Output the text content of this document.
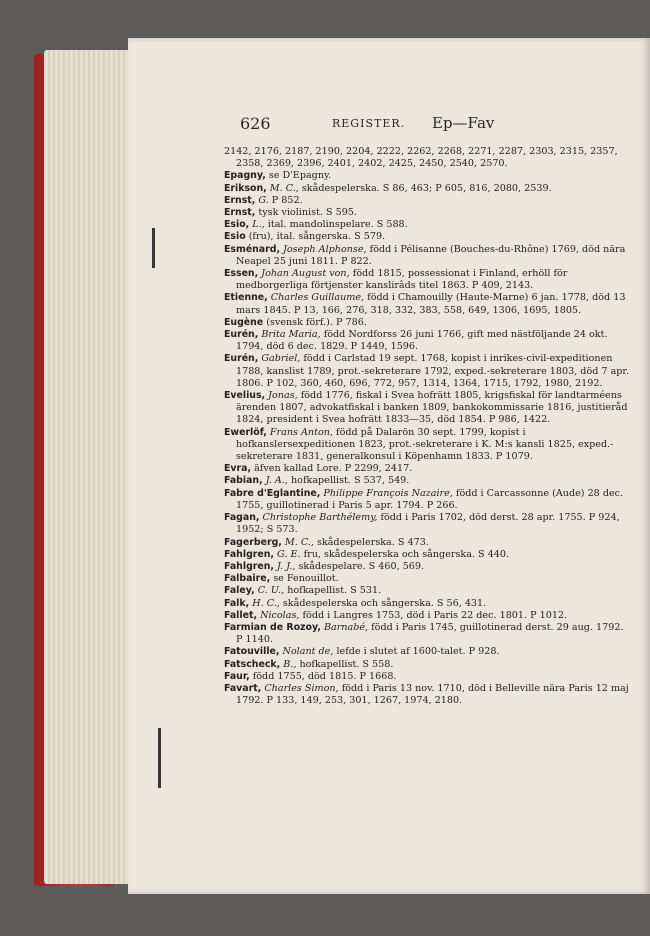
626	REGISTER. Ep—Fav

2142, 2176, 2187, 2190, 2204, 2222, 2262, 2268, 2271, 2287, 2303, 2315, 2357, 2358, 2369, 2396, 2401, 2402, 2425, 2450, 2540, 2570.

Epagny, se D'Epagny.

Erikson, M. C., skådespelerska. S 86, 463; P 605, 816, 2080, 2539.

Ernst, G. P 852.

Ernst, tysk violinist. S 595.

Esio, L., ital. mandolinspelare. S 588.

Esio (fru), ital. sångerska. S 579.

Esménard, Joseph Alphonse, född i Pélisanne (Bouches-du-Rhône) 1769, död nära Neapel 25 juni 1811. P 822.

Essen, Johan August von, född 1815, possessionat i Finland, erhöll för medborgerliga förtjenster kanslirâds titel 1863. P 409, 2143.

Etienne, Charles Guillaume, född i Chamouilly (Haute-Marne) 6 jan. 1778, död 13 mars 1845. P 13, 166, 276, 318, 332, 383, 558, 649, 1306, 1695, 1805.

Eugène (svensk förf.). P 786.

Eurén, Brita Maria, född Nordforss 26 juni 1766, gift med nästföljande 24 okt. 1794, död 6 dec. 1829. P 1449, 1596.

Eurén, Gabriel, född i Carlstad 19 sept. 1768, kopist i inrikes-civil-expeditionen 1788, kanslist 1789, prot.-sekreterare 1792, exped.-sekreterare 1803, död 7 apr. 1806. P 102, 360, 460, 696, 772, 957, 1314, 1364, 1715, 1792, 1980, 2192.

Evelius, Jonas, född 1776, fiskal i Svea hofrätt 1805, krigsfiskal för landtarméens ärenden 1807, advokatfiskal i banken 1809, bankokommissarie 1816, justitieråd 1824, president i Svea hofrätt 1833—35, död 1854. P 986, 1422.

Ewerlöf, Frans Anton, född på Dalarön 30 sept. 1799, kopist i hofkanslersexpeditionen 1823, prot.-sekreterare i K. M:s kansli 1825, exped.-sekreterare 1831, generalkonsul i Köpenhamn 1833. P 1079.

Evra, äfven kallad Lore. P 2299, 2417.

Fabian, J. A., hofkapellist. S 537, 549.

Fabre d'Eglantine, Philippe François Nazaire, född i Carcassonne (Aude) 28 dec. 1755, guillotinerad i Paris 5 apr. 1794. P 266.

Fagan, Christophe Barthélemy, född i Paris 1702, död derst. 28 apr. 1755. P 924, 1952; S 573.

Fagerberg, M. C., skådespelerska. S 473.

Fahlgren, G. E. fru, skådespelerska och sångerska. S 440.

Fahlgren, J. J., skådespelare. S 460, 569.

Falbaire, se Fenouillot.

Faley, C. U., hofkapellist. S 531.

Falk, H. C., skådespelerska och sångerska. S 56, 431.

Fallet, Nicolas, född i Langres 1753, död i Paris 22 dec. 1801. P 1012.

Farmian de Rozoy, Barnabé, född i Paris 1745, guillotinerad derst. 29 aug. 1792. P 1140.

Fatouville, Nolant de, lefde i slutet af 1600-talet. P 928.

Fatscheck, B., hofkapellist. S 558.

Faur, född 1755, död 1815. P 1668.

Favart, Charles Simon, född i Paris 13 nov. 1710, död i Belleville nära Paris 12 maj 1792. P 133, 149, 253, 301, 1267, 1974, 2180.
